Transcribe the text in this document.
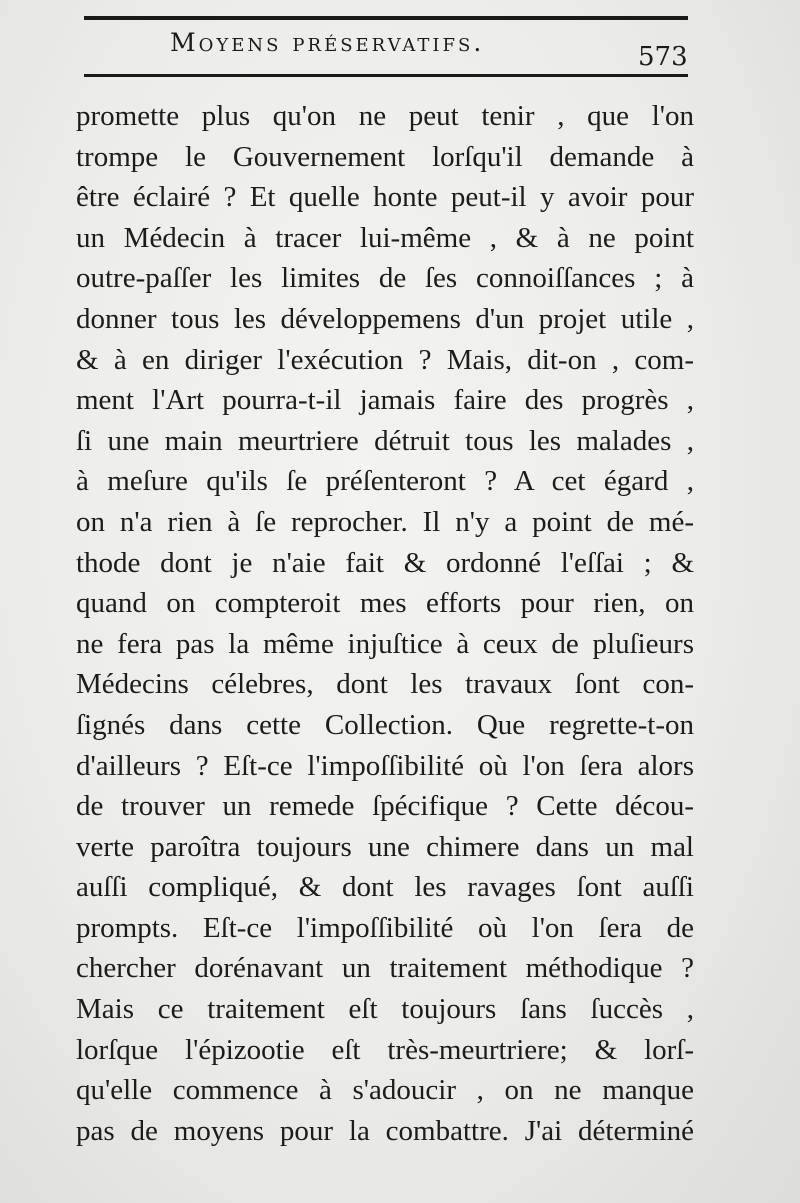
Moyens préservatifs.	573
promette plus qu'on ne peut tenir , que l'on
trompe le Gouvernement lorſqu'il demande à
être éclairé ? Et quelle honte peut-il y avoir pour
un Médecin à tracer lui-même , & à ne point
outre-paſſer les limites de ſes connoiſſances ; à
donner tous les développemens d'un projet utile ,
& à en diriger l'exécution ? Mais, dit-on , com-
ment l'Art pourra-t-il jamais faire des progrès ,
ſi une main meurtriere détruit tous les malades ,
à meſure qu'ils ſe préſenteront ? A cet égard ,
on n'a rien à ſe reprocher. Il n'y a point de mé-
thode dont je n'aie fait & ordonné l'eſſai ; &
quand on compteroit mes efforts pour rien, on
ne fera pas la même injuſtice à ceux de pluſieurs
Médecins célebres, dont les travaux ſont con-
ſignés dans cette Collection. Que regrette-t-on
d'ailleurs ? Eſt-ce l'impoſſibilité où l'on ſera alors
de trouver un remede ſpécifique ? Cette décou-
verte paroîtra toujours une chimere dans un mal
auſſi compliqué, & dont les ravages ſont auſſi
prompts. Eſt-ce l'impoſſibilité où l'on ſera de
chercher dorénavant un traitement méthodique ?
Mais ce traitement eſt toujours ſans ſuccès ,
lorſque l'épizootie eſt très-meurtriere; & lorſ-
qu'elle commence à s'adoucir , on ne manque
pas de moyens pour la combattre. J'ai déterminé
